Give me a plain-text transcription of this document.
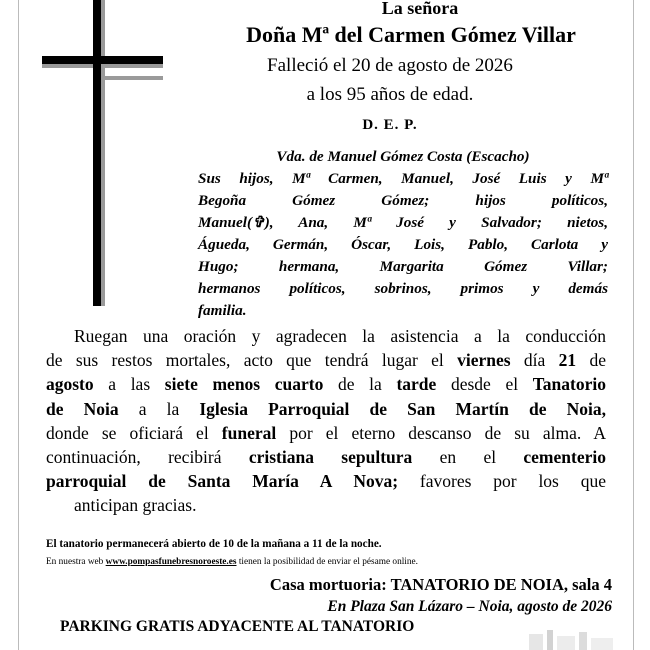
La señora
Doña Mª del Carmen Gómez Villar
Falleció el 20 de agosto de 2026
a los 95 años de edad.
D. E. P.
Vda. de Manuel Gómez Costa (Escacho)
Sus hijos, Mª Carmen, Manuel, José Luis y Mª
Begoña Gómez Gómez; hijos políticos,
Manuel(✞), Ana, Mª José y Salvador; nietos,
Águeda, Germán, Óscar, Lois, Pablo, Carlota y
Hugo; hermana, Margarita Gómez Villar;
hermanos políticos, sobrinos, primos y demás
familia.
Ruegan una oración y agradecen la asistencia a la conducción
de sus restos mortales, acto que tendrá lugar el viernes día 21 de
agosto a las siete menos cuarto de la tarde desde el Tanatorio
de Noia a la Iglesia Parroquial de San Martín de Noia,
donde se oficiará el funeral por el eterno descanso de su alma. A
continuación, recibirá cristiana sepultura en el cementerio
parroquial de Santa María A Nova; favores por los que
anticipan gracias.
El tanatorio permanecerá abierto de 10 de la mañana a 11 de la noche.
En nuestra web www.pompasfunebresnoroeste.es tienen la posibilidad de enviar el pésame online.
Casa mortuoria: TANATORIO DE NOIA, sala 4
En Plaza San Lázaro – Noia, agosto de 2026
PARKING GRATIS ADYACENTE AL TANATORIO
